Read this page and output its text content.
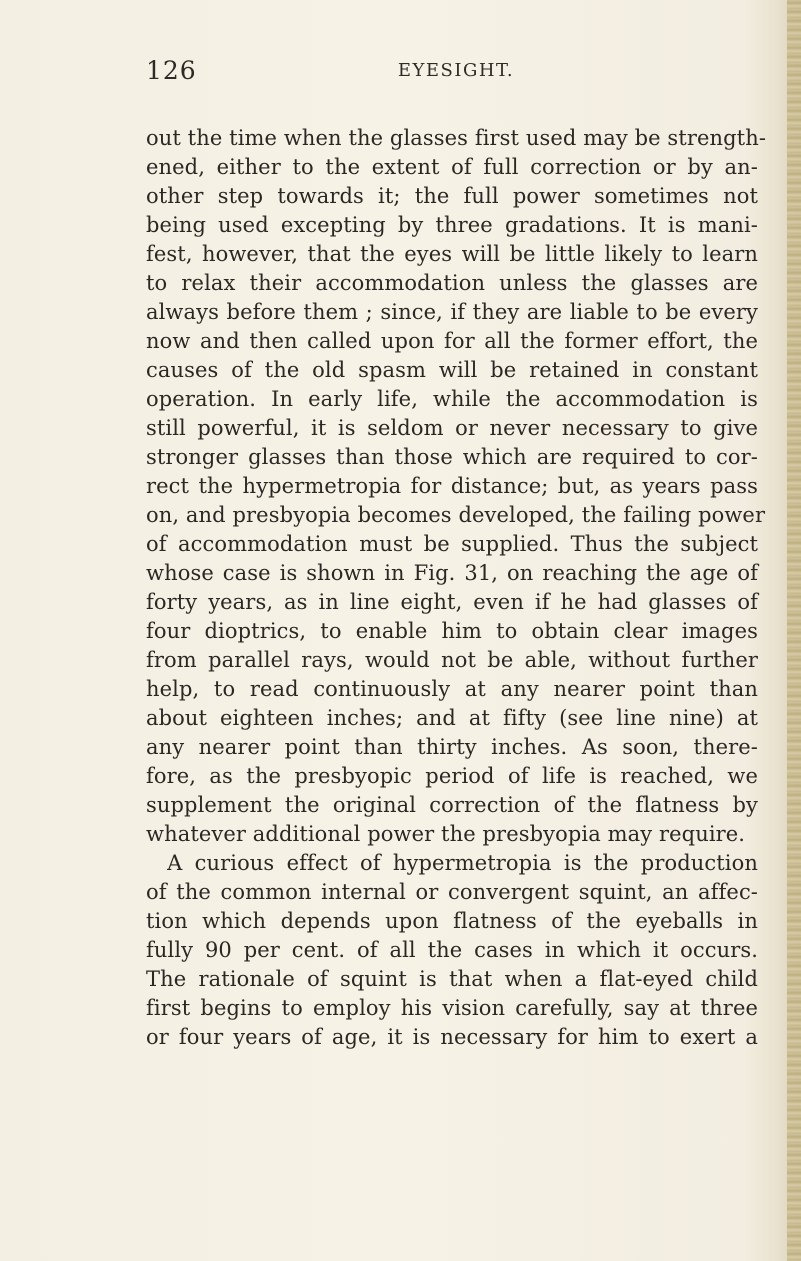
126	EYESIGHT.
out the time when the glasses first used may be strength-
ened, either to the extent of full correction or by an-
other step towards it; the full power sometimes not
being used excepting by three gradations. It is mani-
fest, however, that the eyes will be little likely to learn
to relax their accommodation unless the glasses are
always before them ; since, if they are liable to be every
now and then called upon for all the former effort, the
causes of the old spasm will be retained in constant
operation. In early life, while the accommodation is
still powerful, it is seldom or never necessary to give
stronger glasses than those which are required to cor-
rect the hypermetropia for distance; but, as years pass
on, and presbyopia becomes developed, the failing power
of accommodation must be supplied. Thus the subject
whose case is shown in Fig. 31, on reaching the age of
forty years, as in line eight, even if he had glasses of
four dioptrics, to enable him to obtain clear images
from parallel rays, would not be able, without further
help, to read continuously at any nearer point than
about eighteen inches; and at fifty (see line nine) at
any nearer point than thirty inches. As soon, there-
fore, as the presbyopic period of life is reached, we
supplement the original correction of the flatness by
whatever additional power the presbyopia may require.
 A curious effect of hypermetropia is the production
of the common internal or convergent squint, an affec-
tion which depends upon flatness of the eyeballs in
fully 90 per cent. of all the cases in which it occurs.
The rationale of squint is that when a flat-eyed child
first begins to employ his vision carefully, say at three
or four years of age, it is necessary for him to exert a
